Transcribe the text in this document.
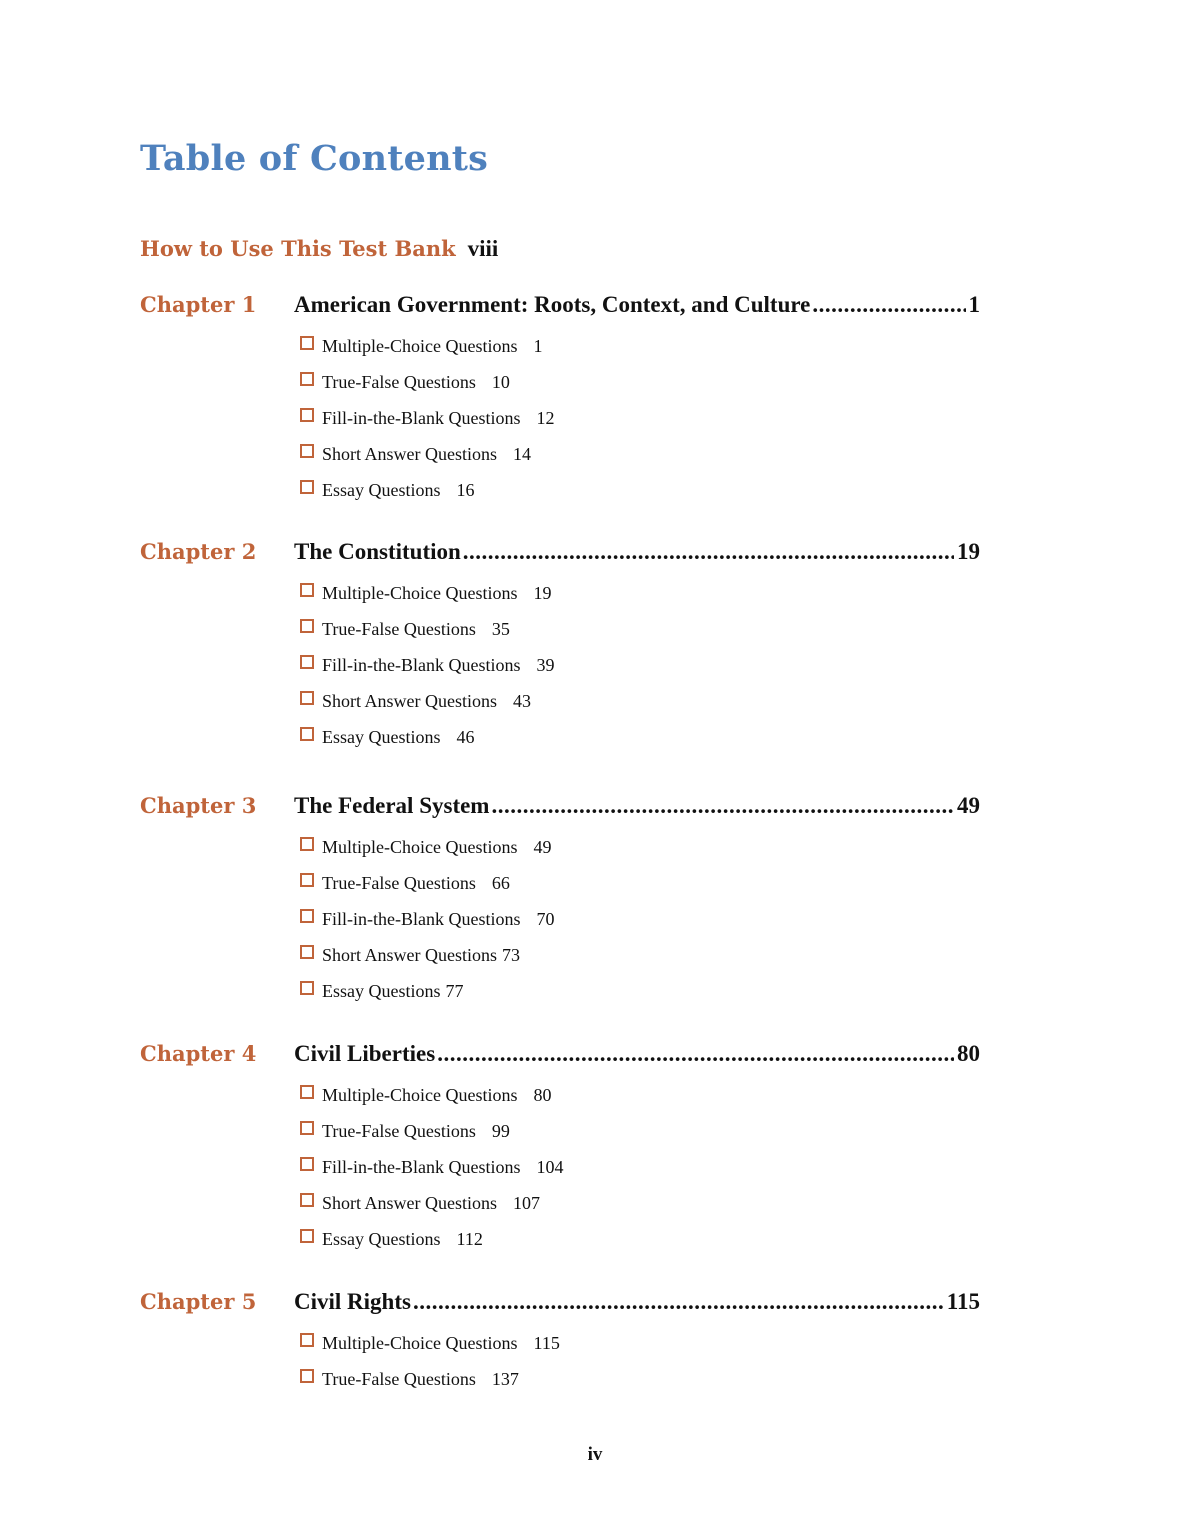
Table of Contents
How to Use This Test Bank viii
Chapter 1 American Government: Roots, Context, and Culture .....	1
Multiple-Choice Questions 1
True-False Questions 10
Fill-in-the-Blank Questions 12
Short Answer Questions 14
Essay Questions 16
Chapter 2 The Constitution .....	19
Multiple-Choice Questions 19
True-False Questions 35
Fill-in-the-Blank Questions 39
Short Answer Questions 43
Essay Questions 46
Chapter 3 The Federal System .....	49
Multiple-Choice Questions 49
True-False Questions 66
Fill-in-the-Blank Questions 70
Short Answer Questions 73
Essay Questions 77
Chapter 4 Civil Liberties .....	80
Multiple-Choice Questions 80
True-False Questions 99
Fill-in-the-Blank Questions 104
Short Answer Questions 107
Essay Questions 112
Chapter 5 Civil Rights .....	115
Multiple-Choice Questions 115
True-False Questions 137
iv
